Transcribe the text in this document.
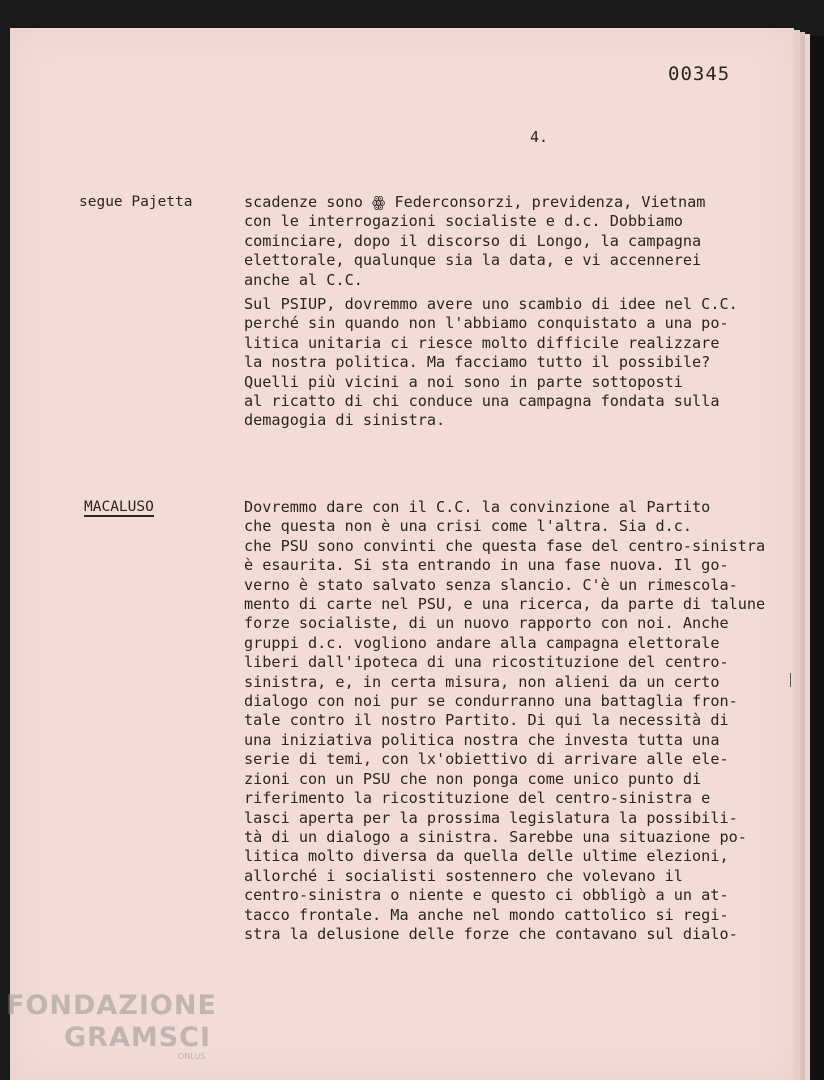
00345
4.
segue Pajetta	scadenze sono ꙮ Federconsorzi, previdenza, Vietnam
con le interrogazioni socialiste e d.c. Dobbiamo
cominciare, dopo il discorso di Longo, la campagna
elettorale, qualunque sia la data, e vi accennerei
anche al C.C.

Sul PSIUP, dovremmo avere uno scambio di idee nel C.C.
perché sin quando non l'abbiamo conquistato a una po-
litica unitaria ci riesce molto difficile realizzare
la nostra politica. Ma facciamo tutto il possibile?
Quelli più vicini a noi sono in parte sottoposti
al ricatto di chi conduce una campagna fondata sulla
demagogia di sinistra.

MACALUSO	Dovremmo dare con il C.C. la convinzione al Partito
che questa non è una crisi come l'altra. Sia d.c.
che PSU sono convinti che questa fase del centro-sinistra
è esaurita. Si sta entrando in una fase nuova. Il go-
verno è stato salvato senza slancio. C'è un rimescola-
mento di carte nel PSU, e una ricerca, da parte di talune
forze socialiste, di un nuovo rapporto con noi. Anche
gruppi d.c. vogliono andare alla campagna elettorale
liberi dall'ipoteca di una ricostituzione del centro-
sinistra, e, in certa misura, non alieni da un certo
dialogo con noi pur se condurranno una battaglia fron-
tale contro il nostro Partito. Di qui la necessità di
una iniziativa politica nostra che investa tutta una
serie di temi, con lx'obiettivo di arrivare alle ele-
zioni con un PSU che non ponga come unico punto di
riferimento la ricostituzione del centro-sinistra e
lasci aperta per la prossima legislatura la possibili-
tà di un dialogo a sinistra. Sarebbe una situazione po-
litica molto diversa da quella delle ultime elezioni,
allorché i socialisti sostennero che volevano il
centro-sinistra o niente e questo ci obbligò a un at-
tacco frontale. Ma anche nel mondo cattolico si regi-
stra la delusione delle forze che contavano sul dialo-

FONDAZIONE
GRAMSCI
ONLUS
